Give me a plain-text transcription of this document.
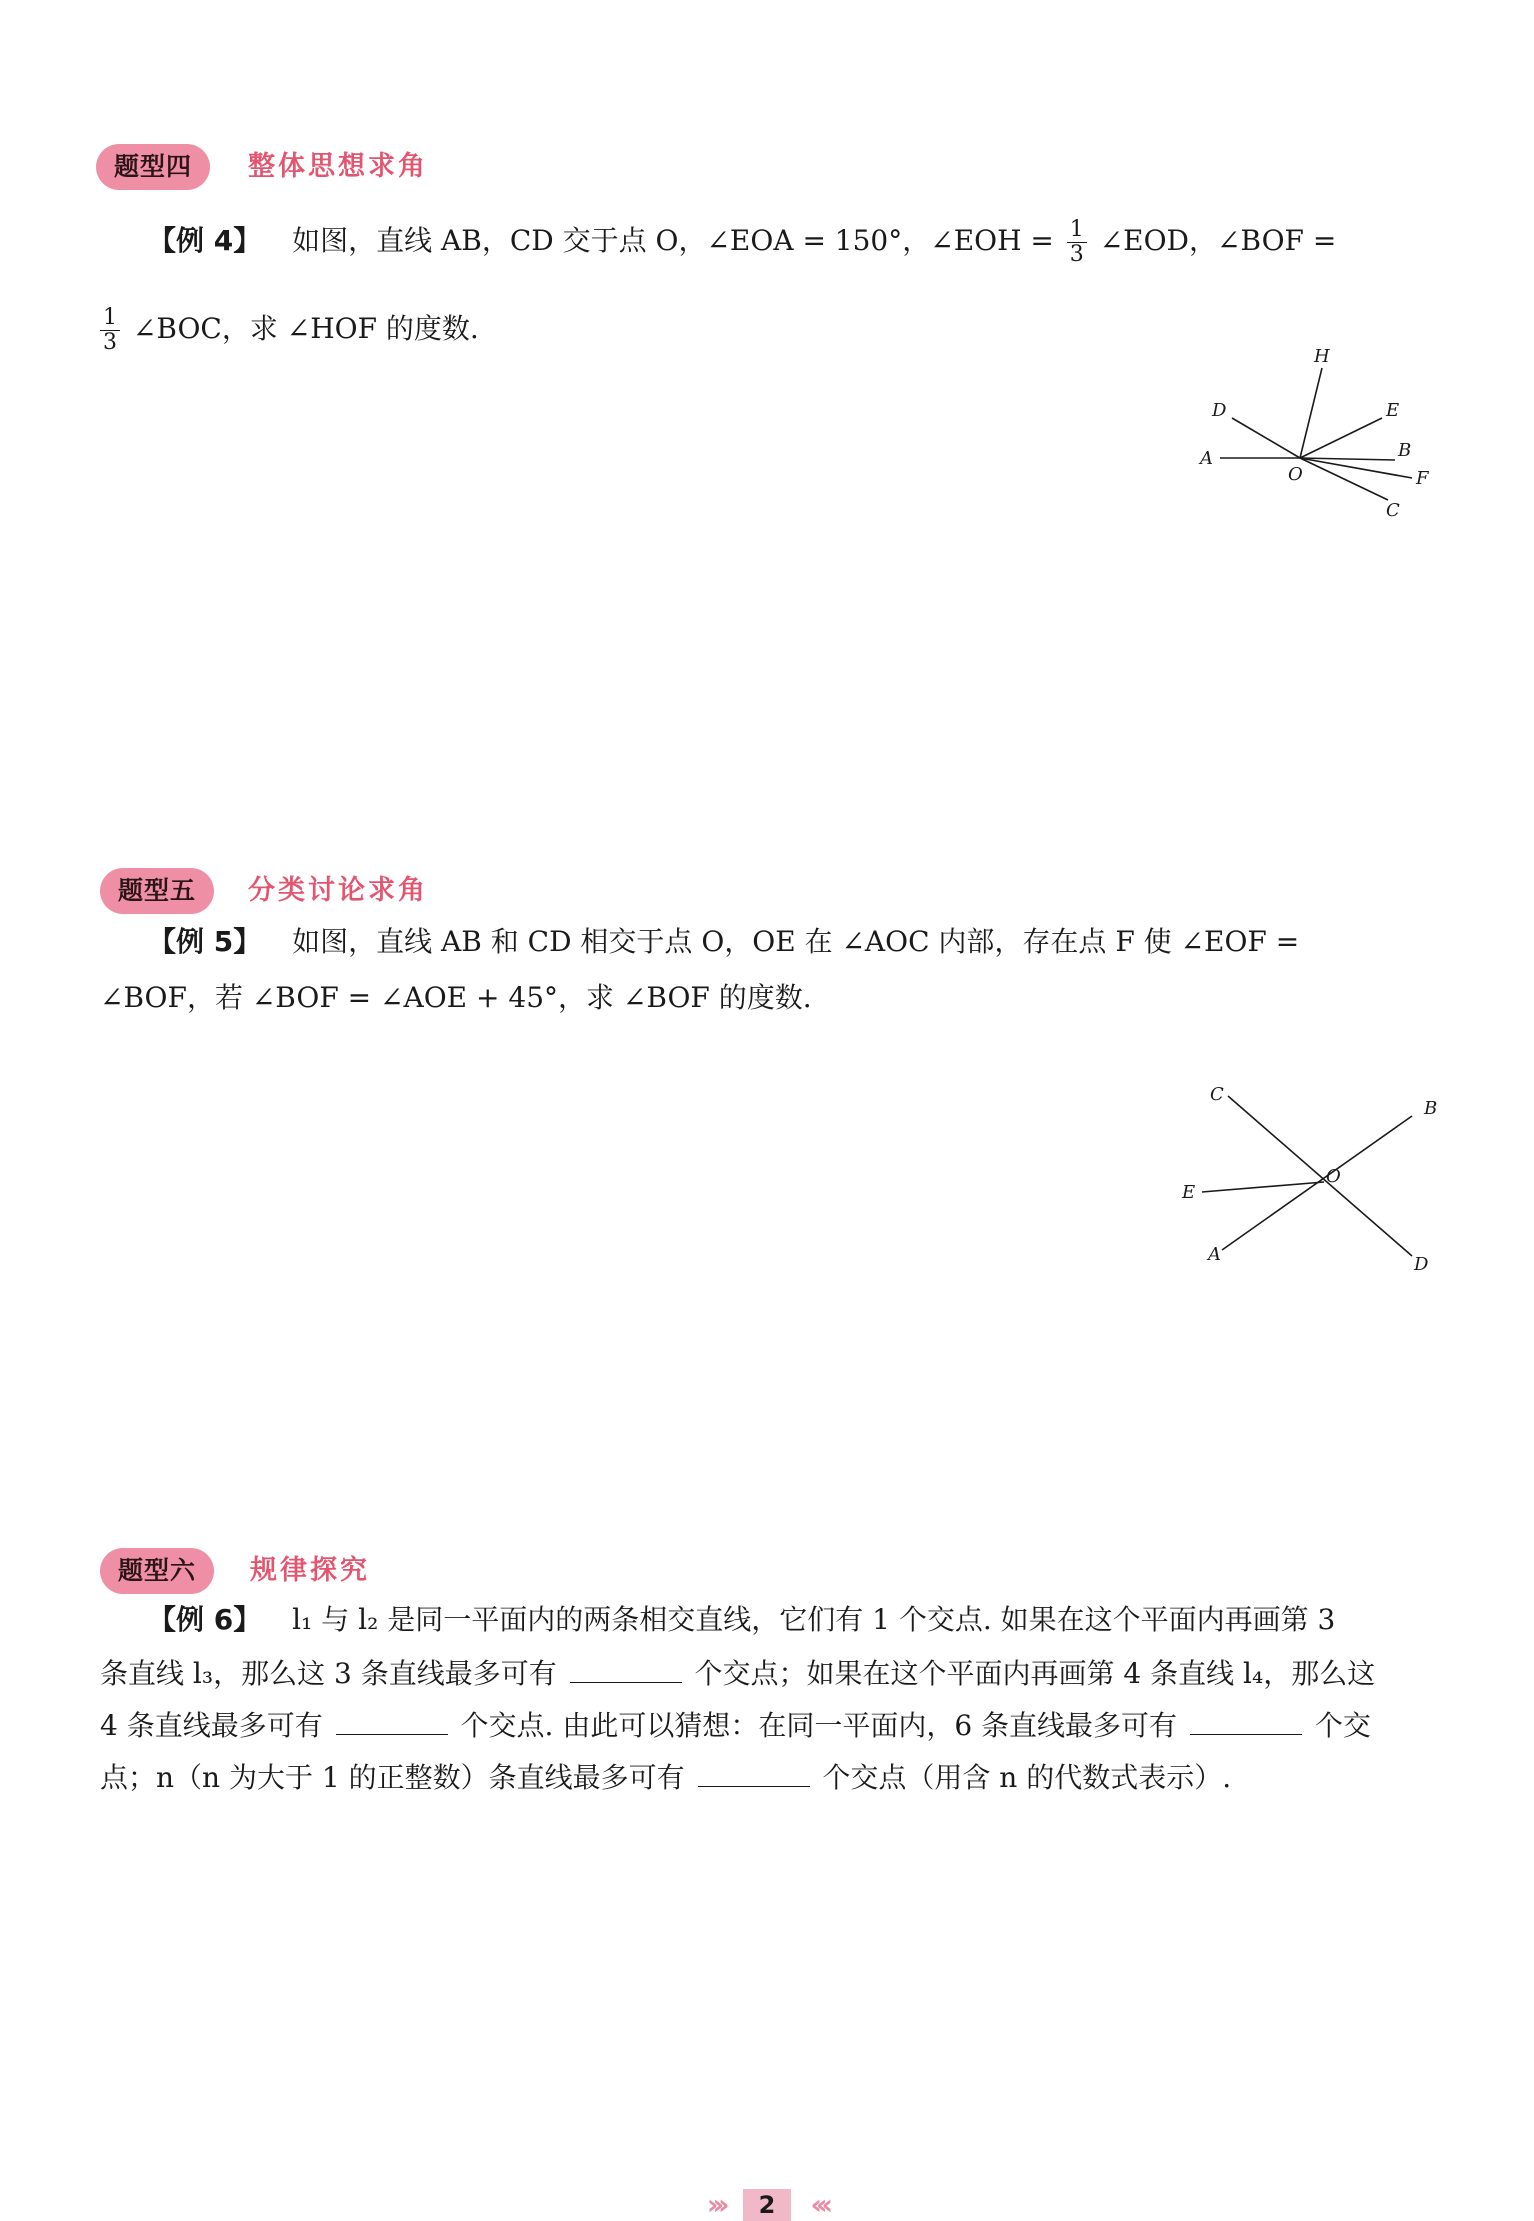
题型四	整体思想求角
【例 4】 如图，直线 AB，CD 交于点 O，∠EOA = 150°，∠EOH = $\frac{1}{3}$ ∠EOD，∠BOF =
$\frac{1}{3}$ ∠BOC，求 ∠HOF 的度数.
H
D	E
A	B
O	F
C
题型五	分类讨论求角
【例 5】 如图，直线 AB 和 CD 相交于点 O，OE 在 ∠AOC 内部，存在点 F 使 ∠EOF =
∠BOF，若 ∠BOF = ∠AOE + 45°，求 ∠BOF 的度数.
C
B
E
O
A	D
题型六	规律探究
【例 6】 l₁ 与 l₂ 是同一平面内的两条相交直线，它们有 1 个交点. 如果在这个平面内再画第 3
条直线 l₃，那么这 3 条直线最多可有	个交点；如果在这个平面内再画第 4 条直线 l₄，那么这
4 条直线最多可有	个交点. 由此可以猜想：在同一平面内，6 条直线最多可有	个交
点；n（n 为大于 1 的正整数）条直线最多可有	个交点（用含 n 的代数式表示）.
››› 2 ‹‹‹
